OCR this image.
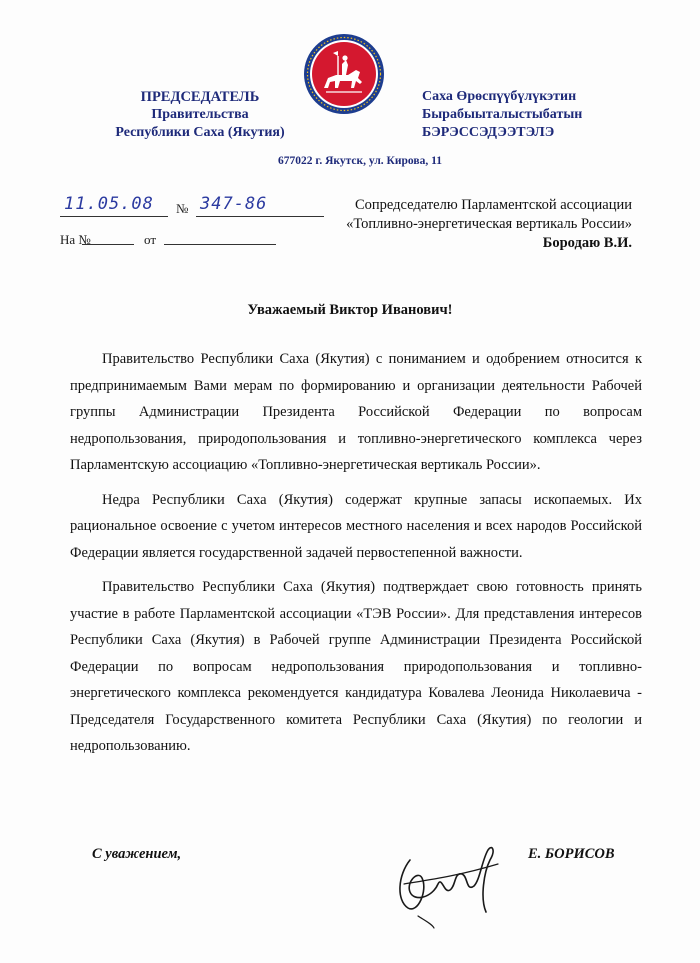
ПРЕДСЕДАТЕЛЬ
Правительства
Республики Саха (Якутия)
Саха Өрөспүүбүлүкэтин
Бырабыыталыстыбатын
БЭРЭССЭДЭЭТЭЛЭ
677022 г. Якутск, ул. Кирова, 11
11.05.08 № 347-86
На №	от
Сопредседателю Парламентской ассоциации
«Топливно-энергетическая вертикаль России»
Бородаю В.И.
Уважаемый Виктор Иванович!

Правительство Республики Саха (Якутия) с пониманием и одобрением относится к предпринимаемым Вами мерам по формированию и организации деятельности Рабочей группы Администрации Президента Российской Федерации по вопросам недропользования, природопользования и топливно-энергетического комплекса через Парламентскую ассоциацию «Топливно-энергетическая вертикаль России».

Недра Республики Саха (Якутия) содержат крупные запасы ископаемых. Их рациональное освоение с учетом интересов местного населения и всех народов Российской Федерации является государственной задачей первостепенной важности.

Правительство Республики Саха (Якутия) подтверждает свою готовность принять участие в работе Парламентской ассоциации «ТЭВ России». Для представления интересов Республики Саха (Якутия) в Рабочей группе Администрации Президента Российской Федерации по вопросам недропользования природопользования и топливно-энергетического комплекса рекомендуется кандидатура Ковалева Леонида Николаевича - Председателя Государственного комитета Республики Саха (Якутия) по геологии и недропользованию.

С уважением,	Е. БОРИСОВ
